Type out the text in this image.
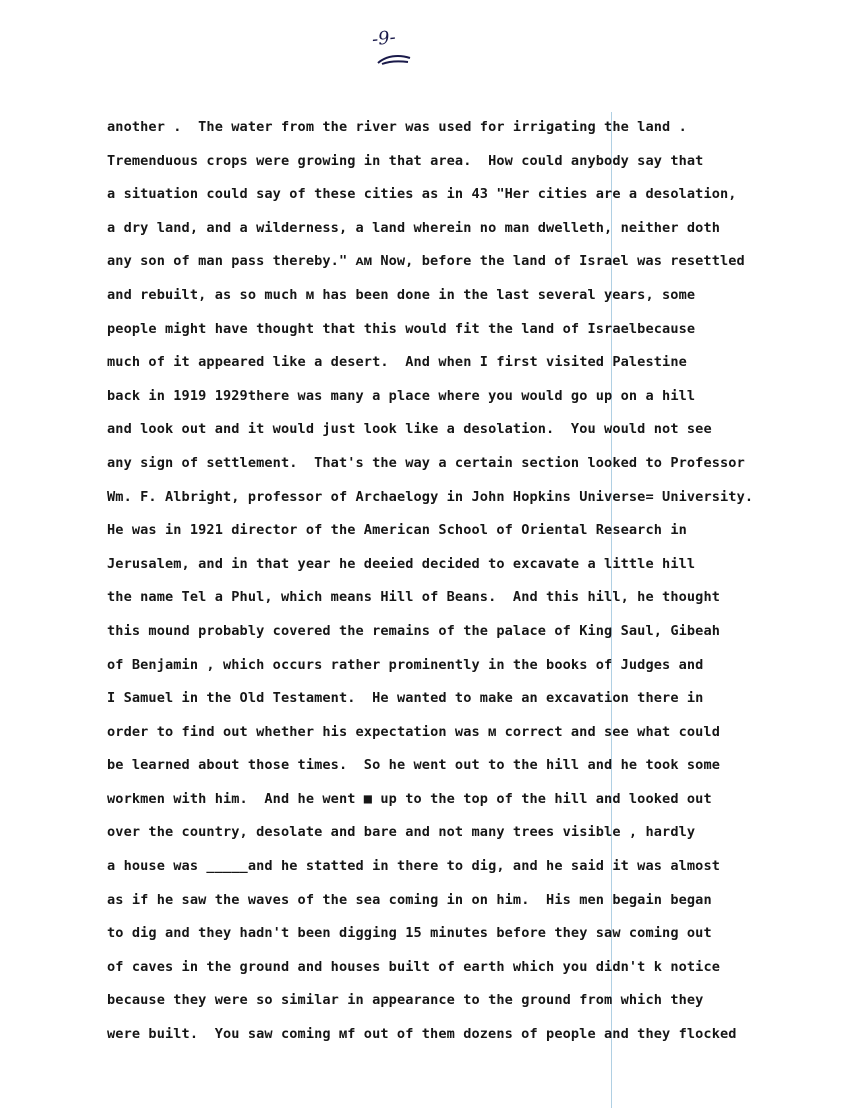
-9-
another .  The water from the river was used for irrigating the land .
Tremenduous crops were growing in that area.  How could anybody say that
a situation could say of these cities as in 43 "Her cities are a desolation,
a dry land, and a wilderness, a land wherein no man dwelleth, neither doth
any son of man pass thereby." ᴀᴍ Now, before the land of Israel was resettled
and rebuilt, as so much ᴍ has been done in the last several years, some
people might have thought that this would fit the land of Israelbecause
much of it appeared like a desert.  And when I first visited Palestine
back in 1919 1929there was many a place where you would go up on a hill
and look out and it would just look like a desolation.  You would not see
any sign of settlement.  That's the way a certain section looked to Professor
Wm. F. Albright, professor of Archaelogy in John Hopkins Universe= University.
He was in 1921 director of the American School of Oriental Research in
Jerusalem, and in that year he deeied decided to excavate a little hill
the name Tel a Phul, which means Hill of Beans.  And this hill, he thought
this mound probably covered the remains of the palace of King Saul, Gibeah
of Benjamin , which occurs rather prominently in the books of Judges and
I Samuel in the Old Testament.  He wanted to make an excavation there in
order to find out whether his expectation was ᴍ correct and see what could
be learned about those times.  So he went out to the hill and he took some
workmen with him.  And he went ■ up to the top of the hill and looked out
over the country, desolate and bare and not many trees visible , hardly
a house was _____and he statted in there to dig, and he said it was almost
as if he saw the waves of the sea coming in on him.  His men begain began
to dig and they hadn't been digging 15 minutes before they saw coming out
of caves in the ground and houses built of earth which you didn't k notice
because they were so similar in appearance to the ground from which they
were built.  You saw coming ᴍf out of them dozens of people and they flocked
